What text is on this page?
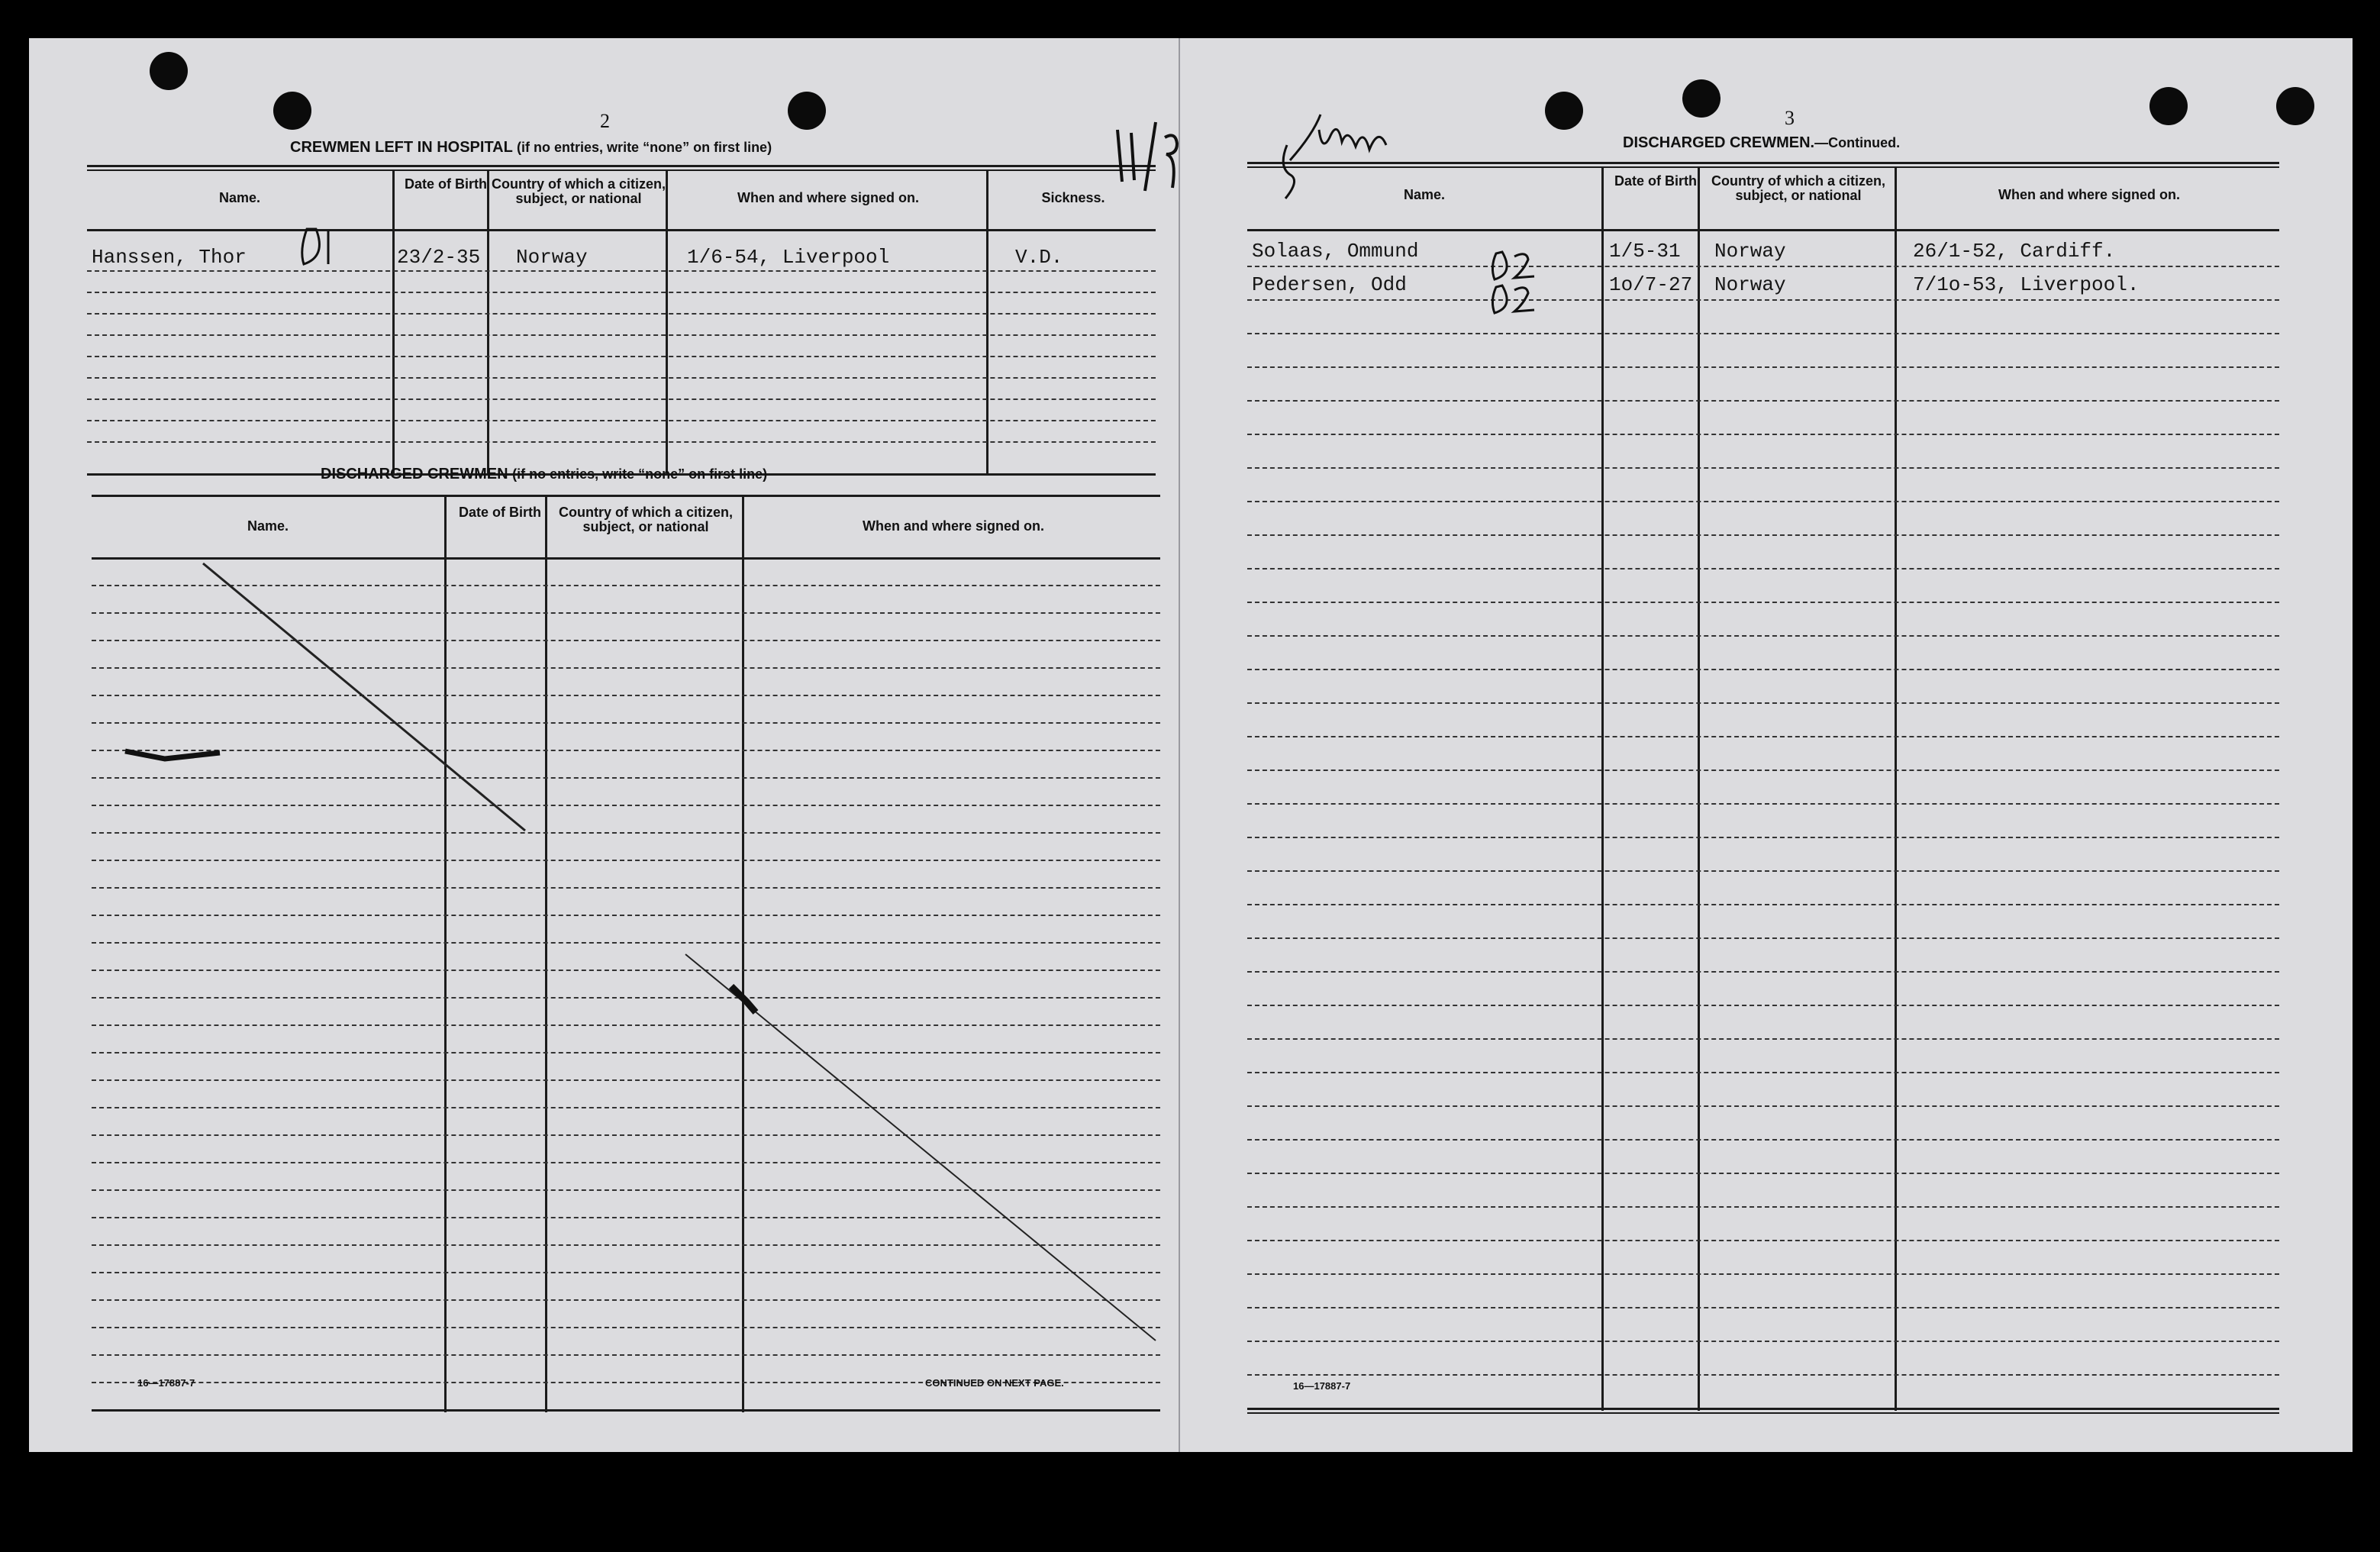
2
CREWMEN LEFT IN HOSPITAL (if no entries, write “none” on first line)
Name.
Date of Birth Country of which a citizen, subject, or national	When and where signed on.	Sickness.
Hanssen, Thor	23/2-35 Norway	1/6-54, Liverpool	V.D.
DISCHARGED CREWMEN (if no entries, write “none” on first line)
Name.
Date of Birth	Country of which a citizen, subject, or national	When and where signed on.
16—17887-7	CONTINUED ON NEXT PAGE.
3
DISCHARGED CREWMEN.—Continued.
Name.
Date of Birth	Country of which a citizen, subject, or national	When and where signed on.
Solaas, Ommund	1/5-31 Norway	26/1-52, Cardiff.
Pedersen, Odd	1o/7-27 Norway	7/1o-53, Liverpool.
16—17887-7
